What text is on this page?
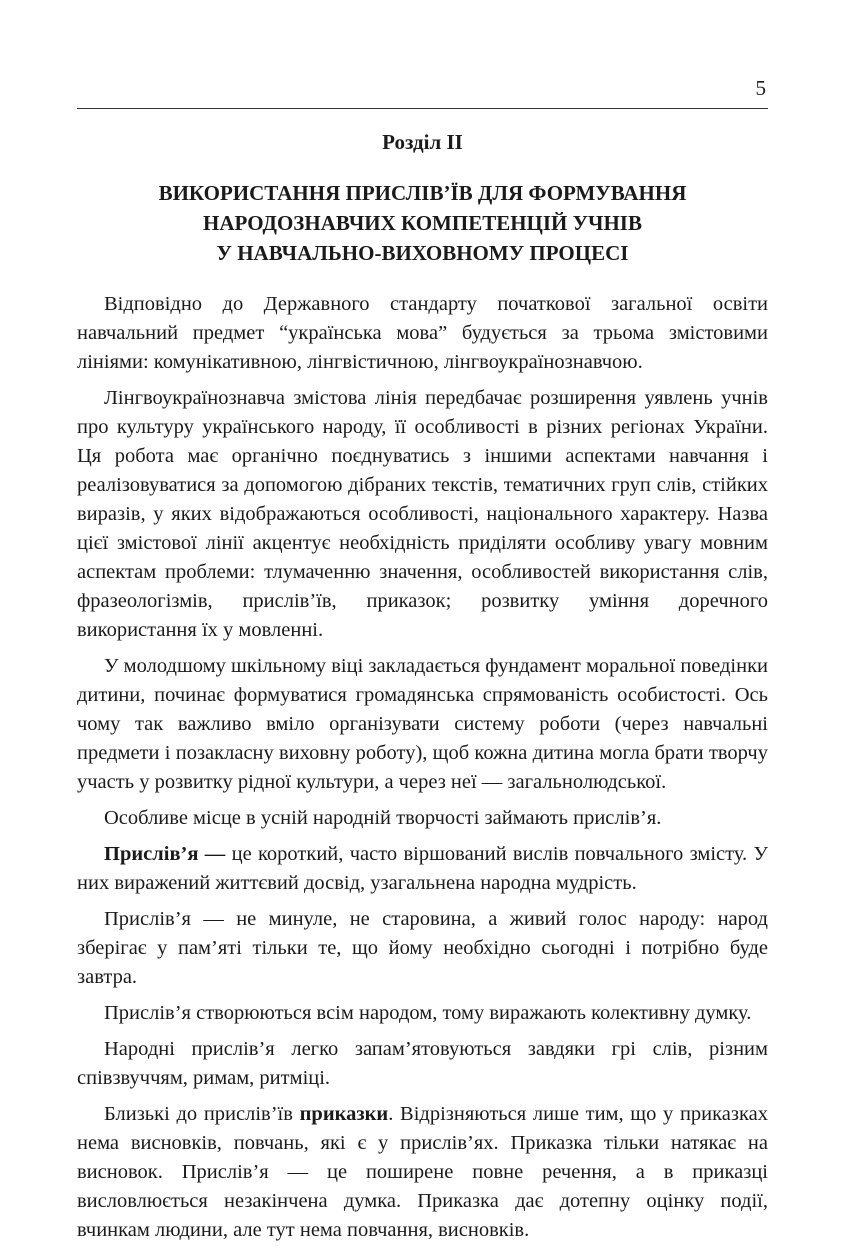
5
Розділ II
ВИКОРИСТАННЯ ПРИСЛІВ’ЇВ ДЛЯ ФОРМУВАННЯ
НАРОДОЗНАВЧИХ КОМПЕТЕНЦІЙ УЧНІВ
У НАВЧАЛЬНО-ВИХОВНОМУ ПРОЦЕСІ

Відповідно до Державного стандарту початкової загальної освіти навчальний предмет “українська мова” будується за трьома змістовими лініями: комунікативною, лінгвістичною, лінгвоукраїнознавчою.

Лінгвоукраїнознавча змістова лінія передбачає розширення уявлень учнів про культуру українського народу, її особливості в різних регіонах України. Ця робота має органічно поєднуватись з іншими аспектами навчання і реалізовуватися за допомогою дібраних текстів, тематичних груп слів, стійких виразів, у яких відображаються особливості, національного характеру. Назва цієї змістової лінії акцентує необхідність приділяти особливу увагу мовним аспектам проблеми: тлумаченню значення, особливостей використання слів, фразеологізмів, прислів’їв, приказок; розвитку уміння доречного використання їх у мовленні.

У молодшому шкільному віці закладається фундамент моральної поведінки дитини, починає формуватися громадянська спрямованість особистості. Ось чому так важливо вміло організувати систему роботи (через навчальні предмети і позакласну виховну роботу), щоб кожна дитина могла брати творчу участь у розвитку рідної культури, а через неї — загальнолюдської.

Особливе місце в усній народній творчості займають прислів’я.

Прислів’я — це короткий, часто віршований вислів повчального змісту. У них виражений життєвий досвід, узагальнена народна мудрість.

Прислів’я — не минуле, не старовина, а живий голос народу: народ зберігає у пам’яті тільки те, що йому необхідно сьогодні і потрібно буде завтра.

Прислів’я створюються всім народом, тому виражають колективну думку.

Народні прислів’я легко запам’ятовуються завдяки грі слів, різним співзвуччям, римам, ритміці.

Близькі до прислів’їв приказки. Відрізняються лише тим, що у приказках нема висновків, повчань, які є у прислів’ях. Приказка тільки натякає на висновок. Прислів’я — це поширене повне речення, а в приказці висловлюється незакінчена думка. Приказка дає дотепну оцінку події, вчинкам людини, але тут нема повчання, висновків.
